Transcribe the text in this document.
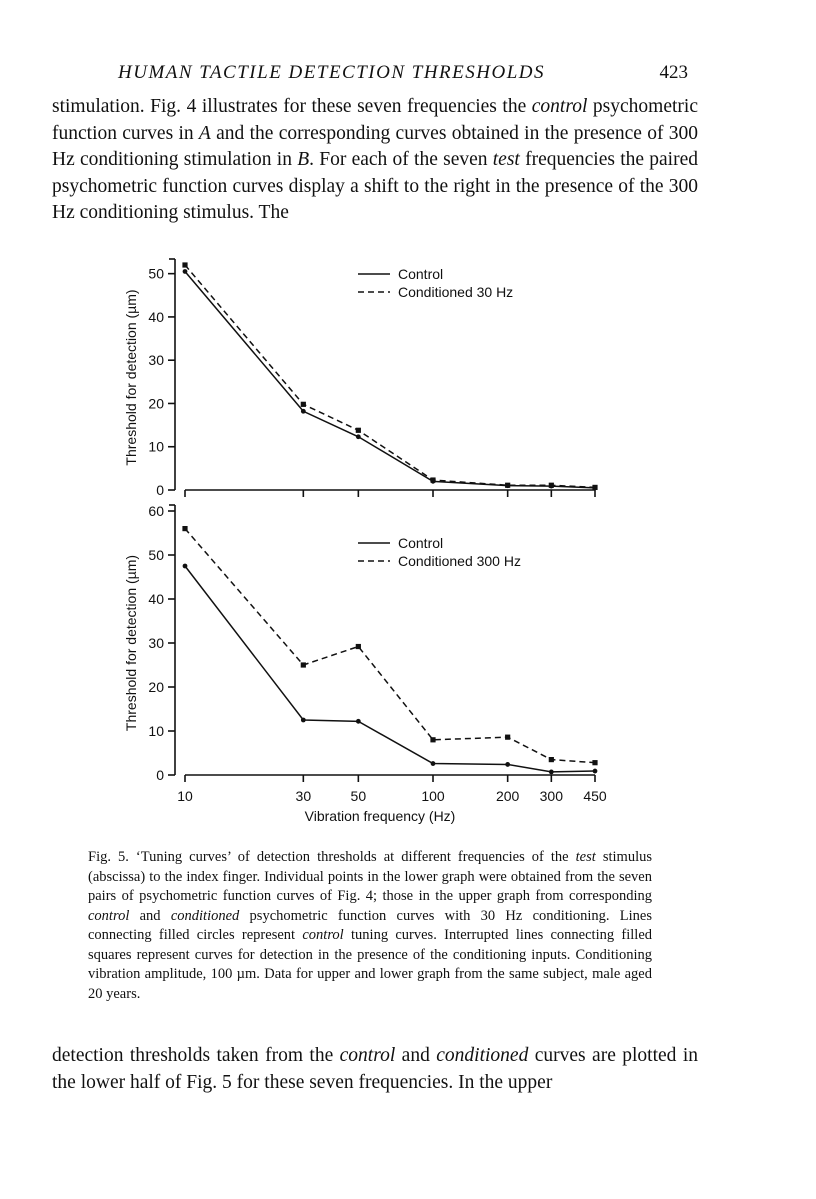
HUMAN TACTILE DETECTION THRESHOLDS	423

stimulation. Fig. 4 illustrates for these seven frequencies the control psychometric function curves in A and the corresponding curves obtained in the presence of 300 Hz conditioning stimulation in B. For each of the seven test frequencies the paired psychometric function curves display a shift to the right in the presence of the 300 Hz conditioning stimulus. The

0
10
20
30
40
50
Threshold for detection (µm)
Control
Conditioned 30 Hz
0
10
20
30
40
50
60
10	30	50	100	200 300 450
Threshold for detection (µm)
Vibration frequency (Hz)
Control
Conditioned 300 Hz

Fig. 5. ‘Tuning curves’ of detection thresholds at different frequencies of the test stimulus (abscissa) to the index finger. Individual points in the lower graph were obtained from the seven pairs of psychometric function curves of Fig. 4; those in the upper graph from corresponding control and conditioned psychometric function curves with 30 Hz conditioning. Lines connecting filled circles represent control tuning curves. Interrupted lines connecting filled squares represent curves for detection in the presence of the conditioning inputs. Conditioning vibration amplitude, 100 µm. Data for upper and lower graph from the same subject, male aged 20 years.

detection thresholds taken from the control and conditioned curves are plotted in the lower half of Fig. 5 for these seven frequencies. In the upper
